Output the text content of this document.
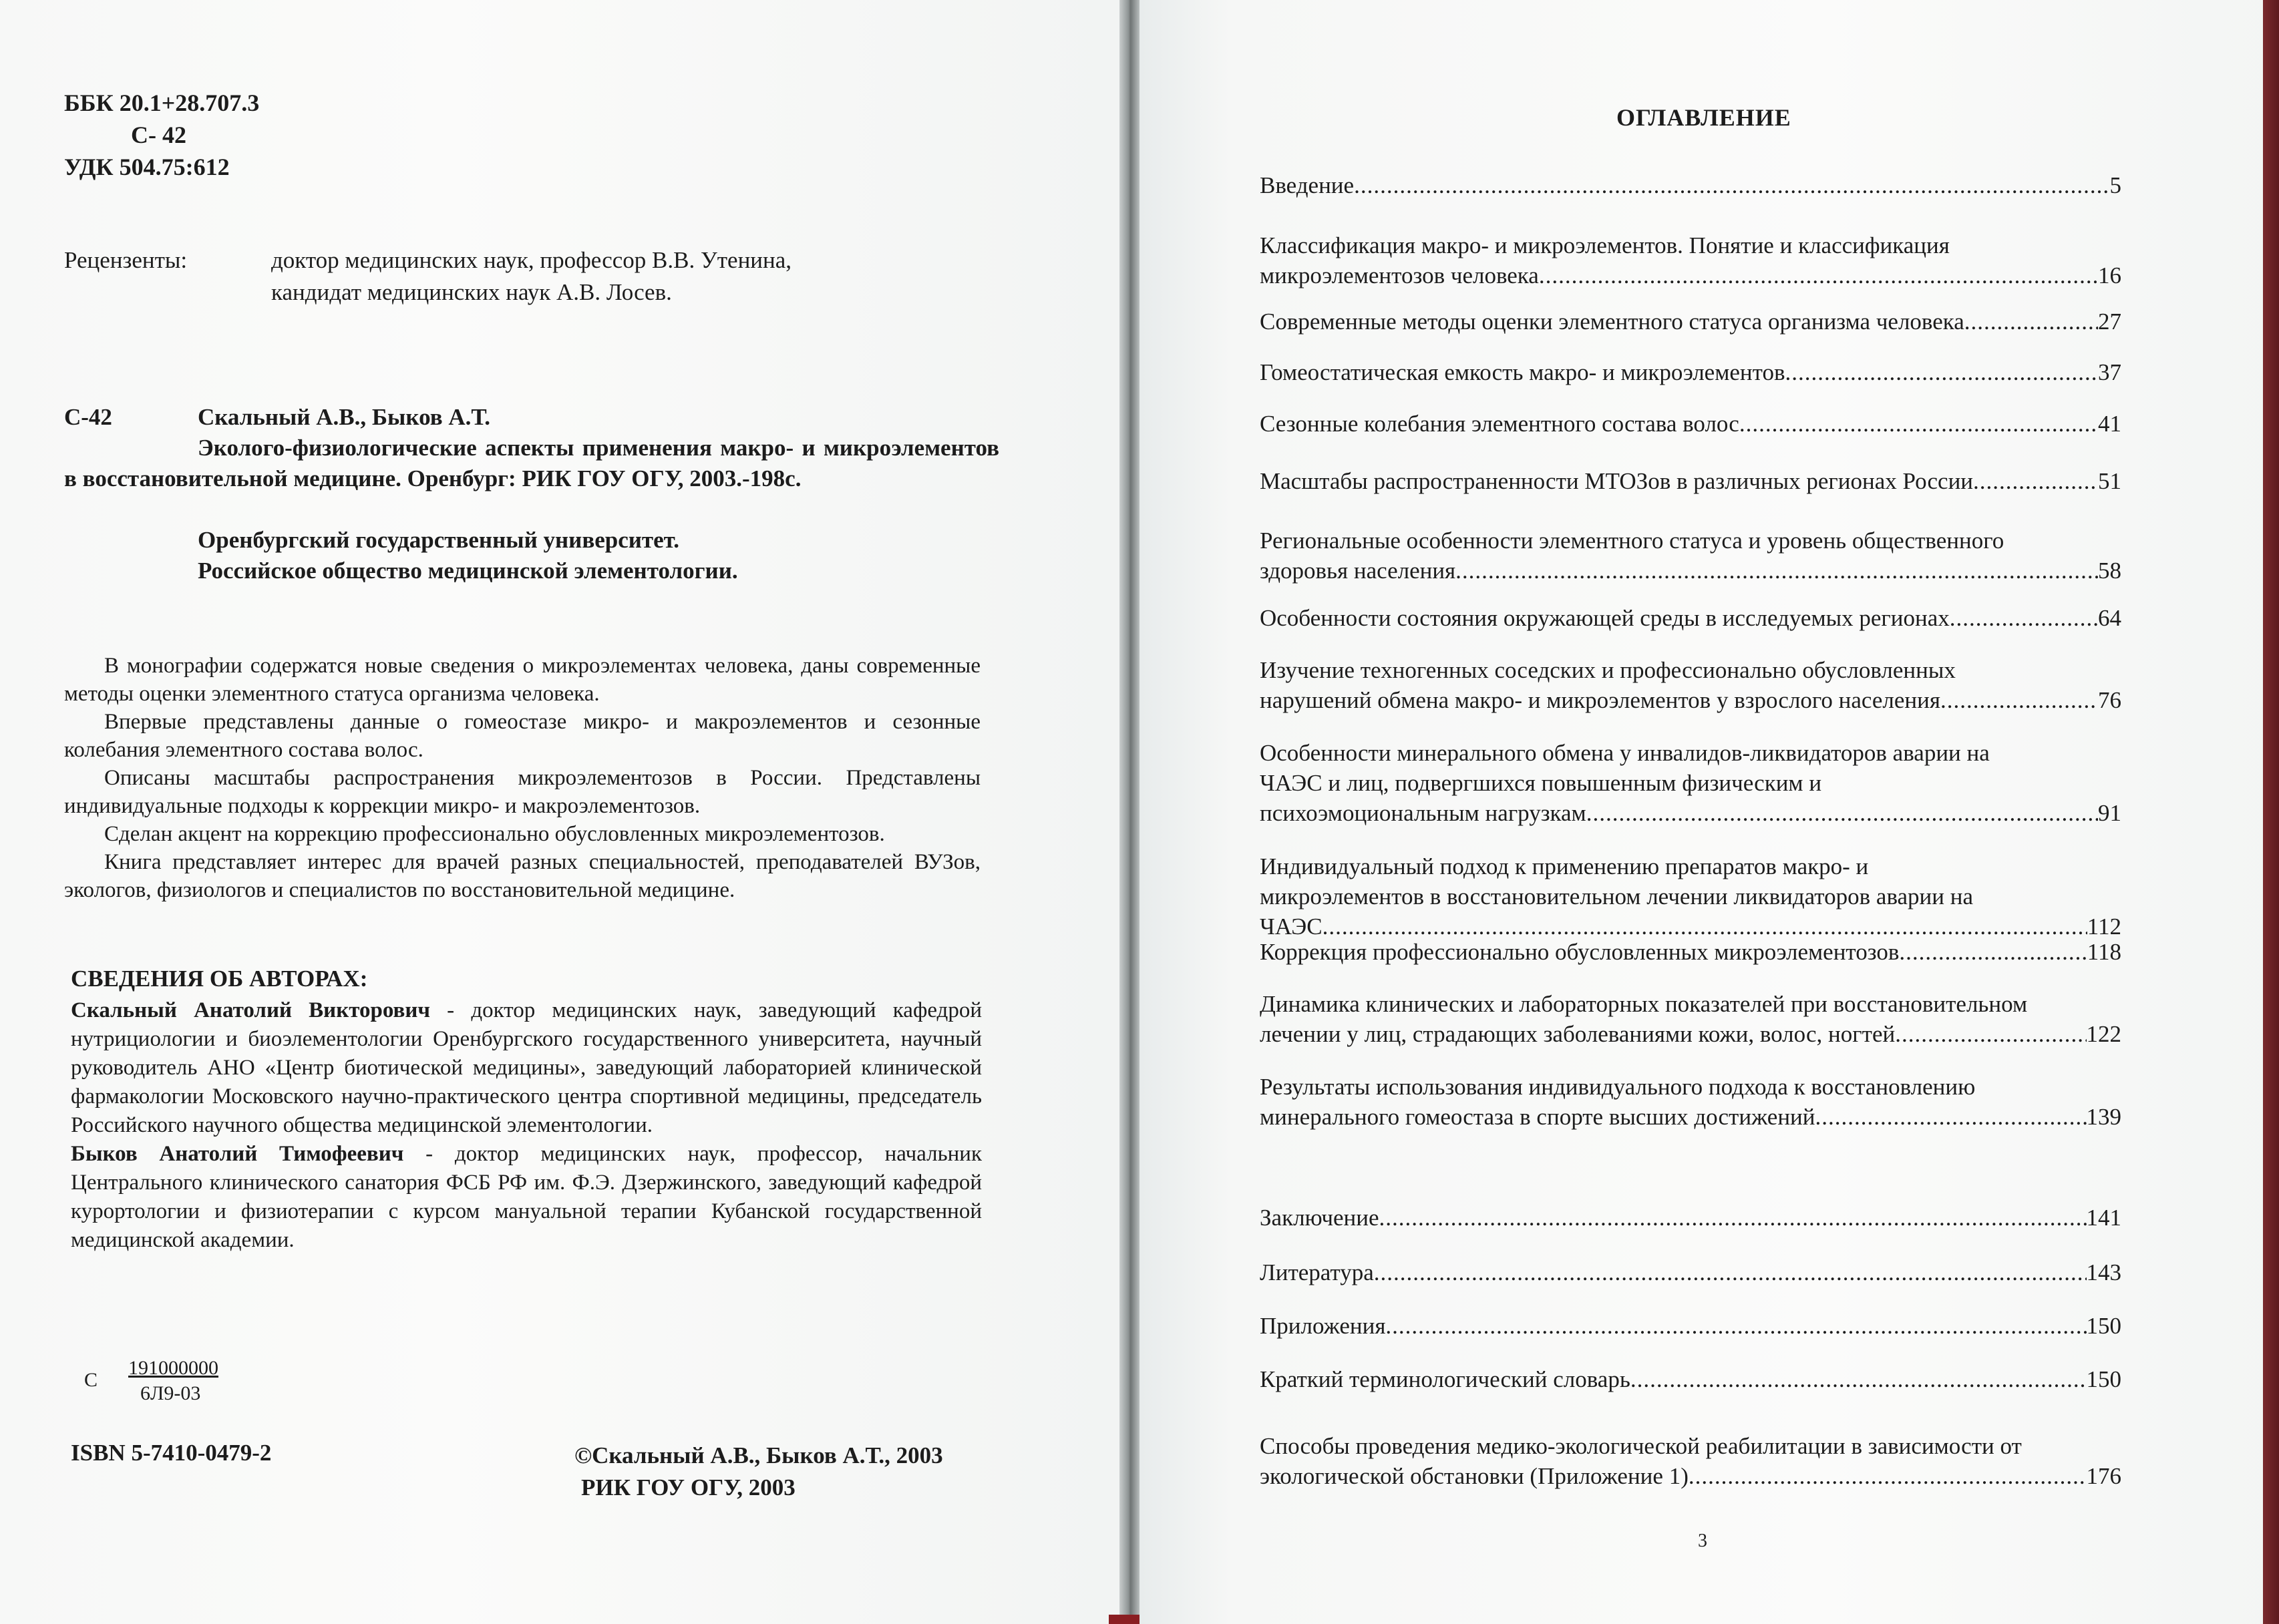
ББК 20.1+28.707.3
С- 42
УДК 504.75:612
Рецензенты:	доктор медицинских наук, профессор В.В. Утенина,
кандидат медицинских наук А.В. Лосев.
С-42	Скальный А.В., Быков А.Т.
Эколого-физиологические аспекты применения макро- и микроэлементов в восстановительной медицине. Оренбург: РИК ГОУ ОГУ, 2003.-198с.
Оренбургский государственный университет.
Российское общество медицинской элементологии.

В монографии содержатся новые сведения о микроэлементах человека, даны современные методы оценки элементного статуса организма человека.

Впервые представлены данные о гомеостазе микро- и макроэлементов и сезонные колебания элементного состава волос.

Описаны масштабы распространения микроэлементозов в России. Представлены индивидуальные подходы к коррекции микро- и макроэлементозов.

Сделан акцент на коррекцию профессионально обусловленных микроэлементозов.

Книга представляет интерес для врачей разных специальностей, преподавателей ВУЗов, экологов, физиологов и специалистов по восстановительной медицине.

СВЕДЕНИЯ ОБ АВТОРАХ:

Скальный Анатолий Викторович - доктор медицинских наук, заведующий кафедрой нутрициологии и биоэлементологии Оренбургского государственного университета, научный руководитель АНО «Центр биотической медицины», заведующий лабораторией клинической фармакологии Московского научно-практического центра спортивной медицины, председатель Российского научного общества медицинской элементологии.

Быков Анатолий Тимофеевич - доктор медицинских наук, профессор, начальник Центрального клинического санатория ФСБ РФ им. Ф.Э. Дзержинского, заведующий кафедрой курортологии и физиотерапии с курсом мануальной терапии Кубанской государственной медицинской академии.

С
191000000
6Л9-03
ISBN 5-7410-0479-2	©Скальный А.В., Быков А.Т., 2003
РИК ГОУ ОГУ, 2003
ОГЛАВЛЕНИЕ
Введение .....	5
Классификация макро- и микроэлементов. Понятие и классификация
микроэлементозов человека .....	16
Современные методы оценки элементного статуса организма человека .....	27
Гомеостатическая емкость макро- и микроэлементов .....	37
Сезонные колебания элементного состава волос .....	41
Масштабы распространенности МТОЗов в различных регионах России .....	51
Региональные особенности элементного статуса и уровень общественного
здоровья населения .....	58
Особенности состояния окружающей среды в исследуемых регионах .....	64
Изучение техногенных соседских и профессионально обусловленных
нарушений обмена макро- и микроэлементов у взрослого населения .....	76
Особенности минерального обмена у инвалидов-ликвидаторов аварии на
ЧАЭС и лиц, подвергшихся повышенным физическим и
психоэмоциональным нагрузкам .....	91
Индивидуальный подход к применению препаратов макро- и
микроэлементов в восстановительном лечении ликвидаторов аварии на
ЧАЭС .....	112
Коррекция профессионально обусловленных микроэлементозов .....	118
Динамика клинических и лабораторных показателей при восстановительном
лечении у лиц, страдающих заболеваниями кожи, волос, ногтей .....	122
Результаты использования индивидуального подхода к восстановлению
минерального гомеостаза в спорте высших достижений .....	139
Заключение .....	141
Литература .....	143
Приложения .....	150
Краткий терминологический словарь .....	150
Способы проведения медико-экологической реабилитации в зависимости от
экологической обстановки (Приложение 1) .....	176
3
